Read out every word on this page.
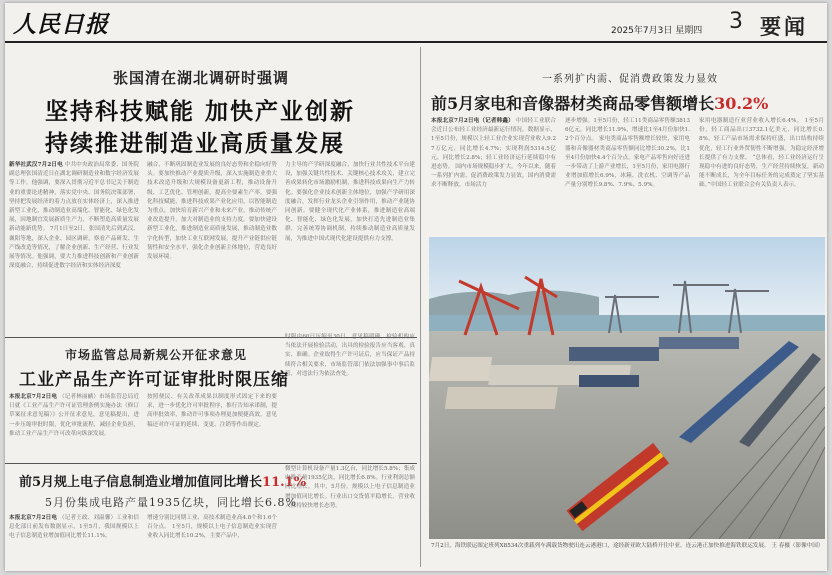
人民日报	2025年7月3日 星期四 3 要闻
张国清在湖北调研时强调
坚持科技赋能 加快产业创新
持续推进制造业高质量发展
新华社武汉7月2日电 中共中央政治局常委、国务院副总理张国清近日在湖北调研制造业和数字经济发展等工作。他强调，要深入贯彻习近平总书记关于制造业的重要论述精神，落实党中央、国务院决策部署，坚持把发展经济的着力点放在实体经济上，深入推进新型工业化，推动制造业高端化、智能化、绿色化发展，因地制宜发展新质生产力，不断塑造高质量发展新动能新优势。 7月1日至2日，张国清先后到武汉、襄阳等地，深入企业、园区调研，察看产品研发、生产线改造等情况，了解企业创新、生产经营、行业发展等情况。他强调，要大力推进科技创新和产业创新深度融合，持续促进数字经济和实体经济深度
融合，不断巩固制造业发展的良好态势和企稳向好势头。要加快推动产业提质升级，深入实施制造业重大技术改造升级和大规模设备更新工程，推动设备升级、工艺优化、管理创新，提高全要素生产率。要强化科技赋能，推进科技成果产业化应用，以智能制造为重点，加快培育新兴产业和未来产业，推动传统产业改造提升，加大对制造业的支持力度。要加快建设新型工业化，推进制造业高质量发展，推动制造业数字化转型，加快工业互联网发展，提升产业链供应链韧性和安全水平，强化企业创新主体地位，营造良好发展环境。
力主导的产学研深度融合，加快行业共性技术平台建设，加强关键共性技术、关键核心技术攻关，建立完善成果转化市场激励机制，推进科技成果向生产力转化。要强化企业技术创新主体地位，加强产学研用深度融合，发挥行业龙头企业引领作用，推动产业链协同创新。要健全现代化产业体系，推进制造业高端化、智能化、绿色化发展，加快打造先进制造业集群，完善统筹协调机制，持续推动制造业高质量发展，为推进中国式现代化建设提供有力支撑。
一系列扩内需、促消费政策发力显效
前5月家电和音像器材类商品零售额增长30.2%
本报北京7月2日电（记者韩鑫） 中国轻工业联合会近日公布轻工业经济最新运行情况。数据显示，1至5月份，规模以上轻工业企业实现营业收入9.27万亿元，同比增长4.7%；实现利润5314.5亿元，同比增长2.8%；轻工业经济运行延续稳中有进态势。 国内市场规模稳步扩大。今年以来，随着一系列扩内需、促消费政策发力显效，国内消费需求不断释放，市场活力
逐步增强。1至5月份，轻工11类商品零售额38136亿元，同比增长11.9%，增速比1至4月份加快1.2个百分点。 家电类商品零售额增长较快，家用电器和音像器材类商品零售额同比增长30.2%，比1至4月份加快4.4个百分点。家电产品零售向好还进一步带动了上游产业增长，1至5月份，家用电器行业增加值增长6.9%，冰箱、洗衣机、空调等产品产量分别增长9.8%、7.9%、5.9%。
家用电器制造行业营业收入增长6.4%。 1至5月份，轻工商品出口3732.1亿美元，同比增长0.8%。轻工产品市场需求保持旺盛，出口结构持续优化，轻工行业外贸韧性不断增强，为稳定经济增长提供了有力支撑。 “总体看，轻工业经济运行呈现稳中有进的良好态势，生产经营持续恢复，新动能不断成长，为全年目标任务的完成奠定了坚实基础。”中国轻工业联合会有关负责人表示。
市场监管总局新规公开征求意见
工业产品生产许可证审批时限压缩
本报北京7月2日电 （记者林丽鹂）市场监管总局近日就《工业产品生产许可证管理条例实施办法（修订草案征求意见稿）》公开征求意见。意见稿提出，进一步压缩审批时限，优化审批流程，减轻企业负担，推动工业产品生产许可改革向纵深发展。
按照便民、有关改革成果以制度形式固定下来的要求，进一步优化许可审批程序，推行告知承诺制，提高审批效率，推动许可事项办理更加便捷高效。意见稿还对许可证的延续、变更、注销等作出规定。
时限由60日压缩至30日。意见稿明确，检验机构应当依法开展检验活动，出具的检验报告应当客观、真实、准确。企业取得生产许可证后，应当保证产品持续符合相关要求，市场监管部门依法加强事中事后监管，对违法行为依法查处。
前5月规上电子信息制造业增加值同比增长11.1%
5月份集成电路产量1935亿块，同比增长6.8%
本报北京7月2日电 （记者王政、刘温馨）工业和信息化部日前发布数据显示，1至5月，我国规模以上电子信息制造业增加值同比增长11.1%，
增速分别比同期工业、高技术制造业高4.8个和1.6个百分点。 1至5月，规模以上电子信息制造业实现营业收入同比增长10.2%，主要产品中，
微型计算机设备产量1.3亿台，同比增长5.8%；集成电路产量1935亿块，同比增长6.8%。行业利润总额同比增长。其中，5月份，规模以上电子信息制造业增加值同比增长。行业出口交货值平稳增长，营业收入保持较快增长态势。
7月2日，海铁联运图定班列X8534次重载列车满载货物驶出连云港港口，途经新亚欧大陆桥开往中亚。连云港正加快推进海铁联运发展。 王 春摄（影像中国）
